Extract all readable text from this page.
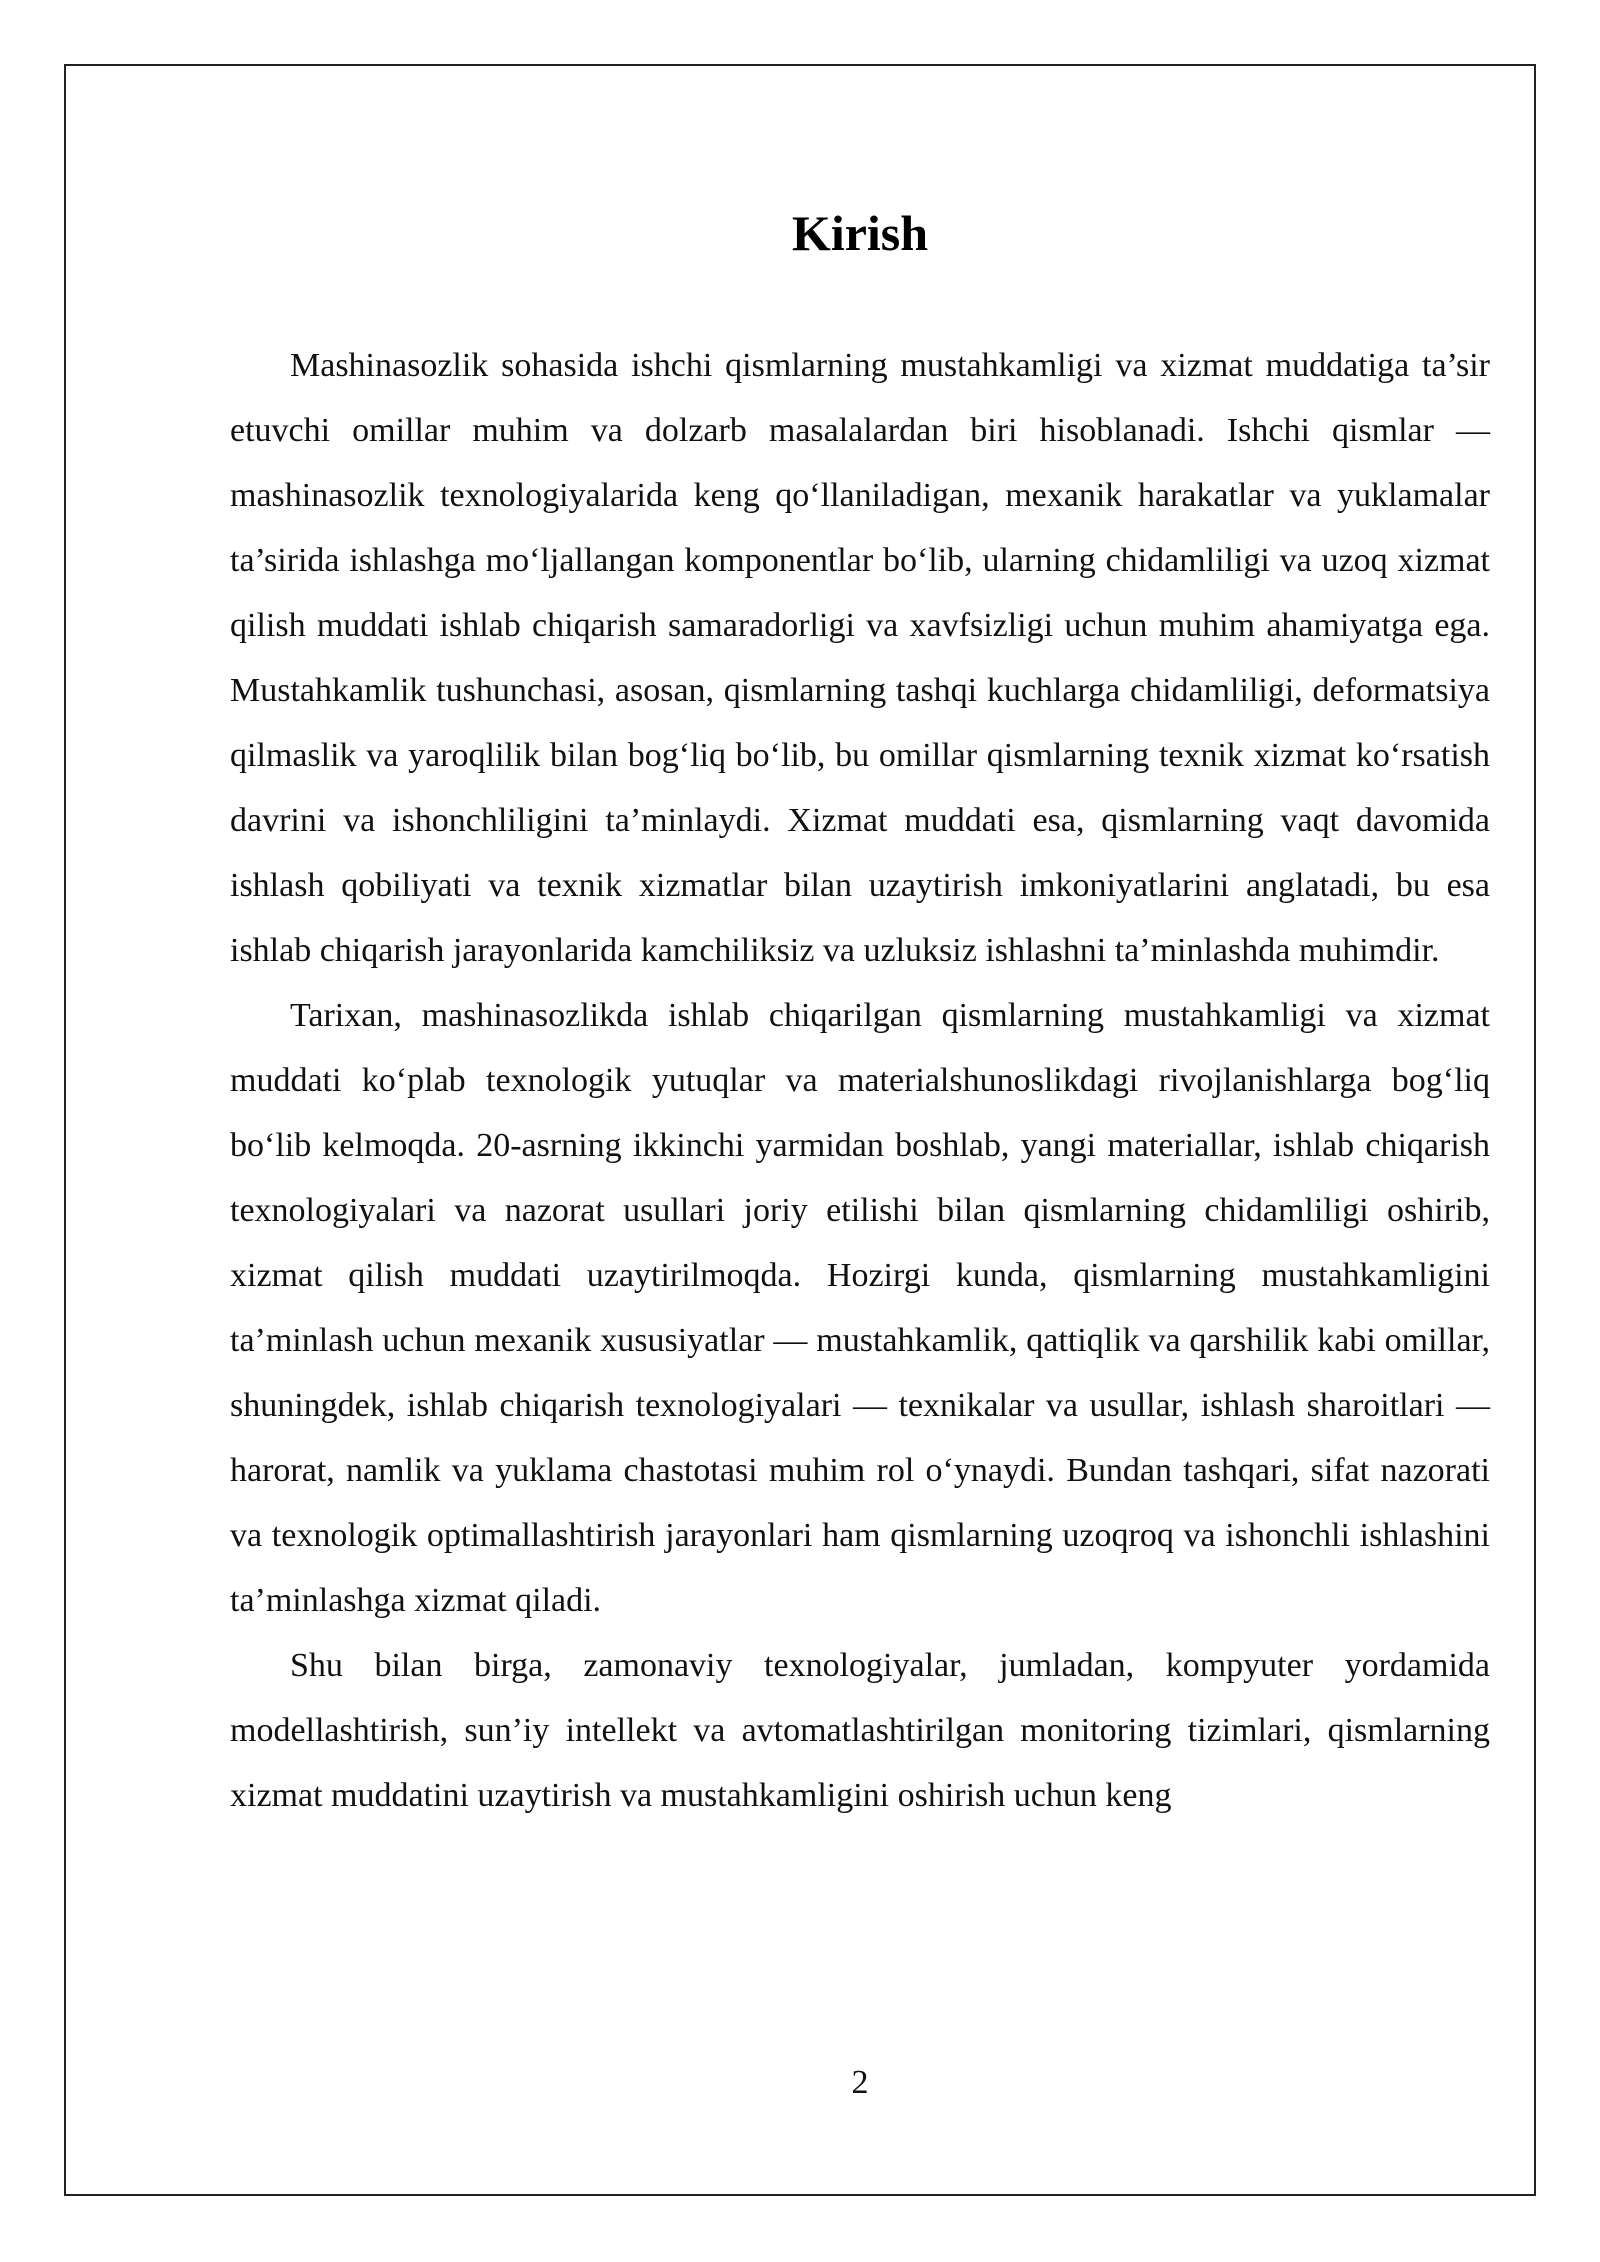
Kirish

Mashinasozlik sohasida ishchi qismlarning mustahkamligi va xizmat muddatiga ta’sir etuvchi omillar muhim va dolzarb masalalardan biri hisoblanadi. Ishchi qismlar — mashinasozlik texnologiyalarida keng qo‘llaniladigan, mexanik harakatlar va yuklamalar ta’sirida ishlashga mo‘ljallangan komponentlar bo‘lib, ularning chidamliligi va uzoq xizmat qilish muddati ishlab chiqarish samaradorligi va xavfsizligi uchun muhim ahamiyatga ega. Mustahkamlik tushunchasi, asosan, qismlarning tashqi kuchlarga chidamliligi, deformatsiya qilmaslik va yaroqlilik bilan bog‘liq bo‘lib, bu omillar qismlarning texnik xizmat ko‘rsatish davrini va ishonchliligini ta’minlaydi. Xizmat muddati esa, qismlarning vaqt davomida ishlash qobiliyati va texnik xizmatlar bilan uzaytirish imkoniyatlarini anglatadi, bu esa ishlab chiqarish jarayonlarida kamchiliksiz va uzluksiz ishlashni ta’minlashda muhimdir.

Tarixan, mashinasozlikda ishlab chiqarilgan qismlarning mustahkamligi va xizmat muddati ko‘plab texnologik yutuqlar va materialshunoslikdagi rivojlanishlarga bog‘liq bo‘lib kelmoqda. 20-asrning ikkinchi yarmidan boshlab, yangi materiallar, ishlab chiqarish texnologiyalari va nazorat usullari joriy etilishi bilan qismlarning chidamliligi oshirib, xizmat qilish muddati uzaytirilmoqda. Hozirgi kunda, qismlarning mustahkamligini ta’minlash uchun mexanik xususiyatlar — mustahkamlik, qattiqlik va qarshilik kabi omillar, shuningdek, ishlab chiqarish texnologiyalari — texnikalar va usullar, ishlash sharoitlari — harorat, namlik va yuklama chastotasi muhim rol o‘ynaydi. Bundan tashqari, sifat nazorati va texnologik optimallashtirish jarayonlari ham qismlarning uzoqroq va ishonchli ishlashini ta’minlashga xizmat qiladi.

Shu bilan birga, zamonaviy texnologiyalar, jumladan, kompyuter yordamida modellashtirish, sun’iy intellekt va avtomatlashtirilgan monitoring tizimlari, qismlarning xizmat muddatini uzaytirish va mustahkamligini oshirish uchun keng

2
